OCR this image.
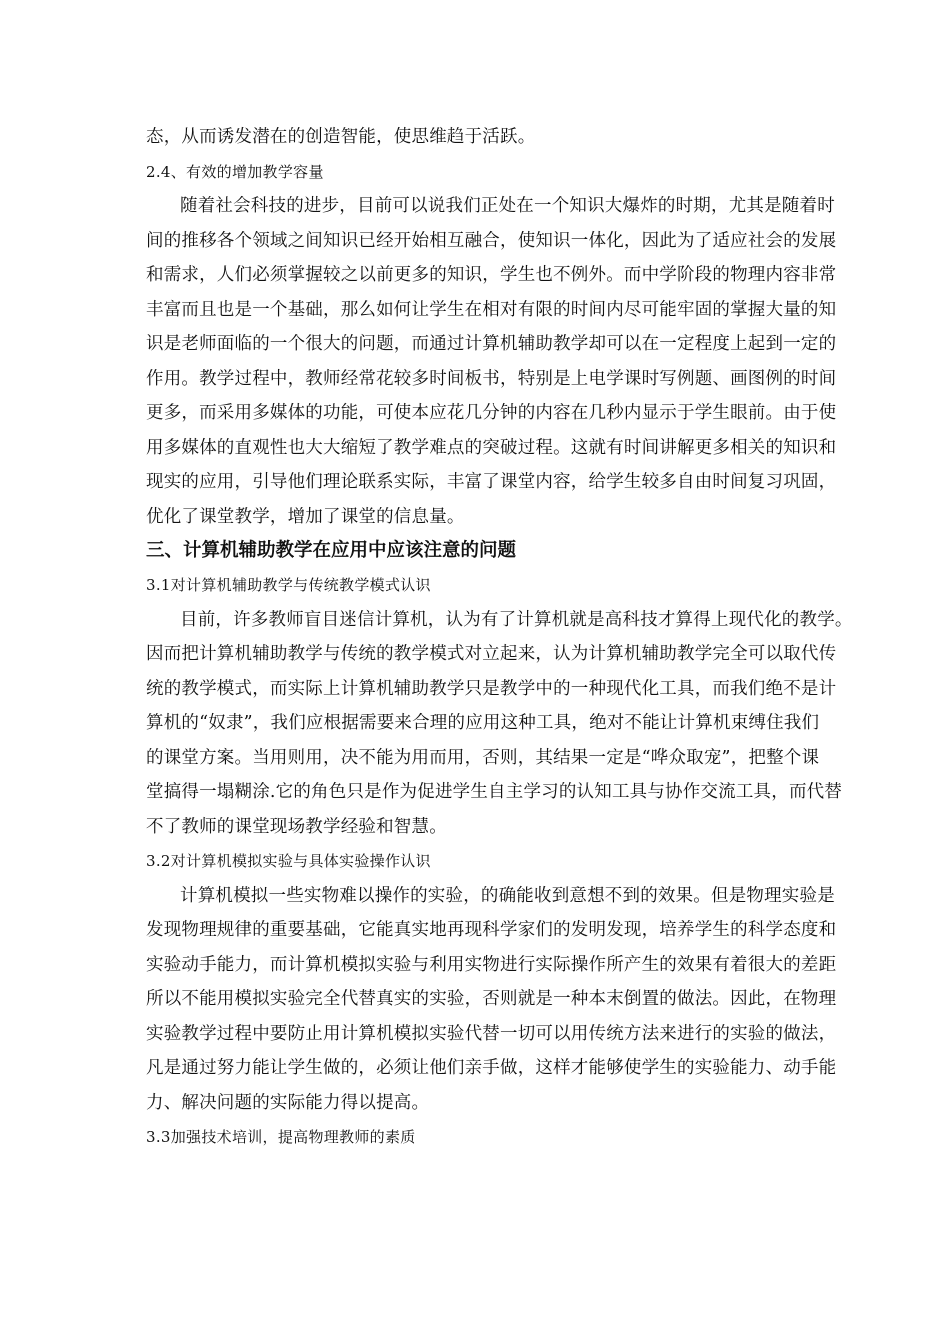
态，从而诱发潜在的创造智能，使思维趋于活跃。
2.4、有效的增加教学容量
随着社会科技的进步，目前可以说我们正处在一个知识大爆炸的时期，尤其是随着时
间的推移各个领域之间知识已经开始相互融合，使知识一体化，因此为了适应社会的发展
和需求，人们必须掌握较之以前更多的知识，学生也不例外。而中学阶段的物理内容非常
丰富而且也是一个基础，那么如何让学生在相对有限的时间内尽可能牢固的掌握大量的知
识是老师面临的一个很大的问题，而通过计算机辅助教学却可以在一定程度上起到一定的
作用。教学过程中，教师经常花较多时间板书，特别是上电学课时写例题、画图例的时间
更多，而采用多媒体的功能，可使本应花几分钟的内容在几秒内显示于学生眼前。由于使
用多媒体的直观性也大大缩短了教学难点的突破过程。这就有时间讲解更多相关的知识和
现实的应用，引导他们理论联系实际，丰富了课堂内容，给学生较多自由时间复习巩固，
优化了课堂教学，增加了课堂的信息量。
三、计算机辅助教学在应用中应该注意的问题
3.1对计算机辅助教学与传统教学模式认识
目前，许多教师盲目迷信计算机，认为有了计算机就是高科技才算得上现代化的教学。
因而把计算机辅助教学与传统的教学模式对立起来，认为计算机辅助教学完全可以取代传
统的教学模式，而实际上计算机辅助教学只是教学中的一种现代化工具，而我们绝不是计
算机的“奴隶”，我们应根据需要来合理的应用这种工具，绝对不能让计算机束缚住我们
的课堂方案。当用则用，决不能为用而用，否则，其结果一定是“哗众取宠”，把整个课
堂搞得一塌糊涂.它的角色只是作为促进学生自主学习的认知工具与协作交流工具，而代替
不了教师的课堂现场教学经验和智慧。
3.2对计算机模拟实验与具体实验操作认识
计算机模拟一些实物难以操作的实验，的确能收到意想不到的效果。但是物理实验是
发现物理规律的重要基础，它能真实地再现科学家们的发明发现，培养学生的科学态度和
实验动手能力，而计算机模拟实验与利用实物进行实际操作所产生的效果有着很大的差距
所以不能用模拟实验完全代替真实的实验，否则就是一种本末倒置的做法。因此，在物理
实验教学过程中要防止用计算机模拟实验代替一切可以用传统方法来进行的实验的做法，
凡是通过努力能让学生做的，必须让他们亲手做，这样才能够使学生的实验能力、动手能
力、解决问题的实际能力得以提高。
3.3加强技术培训，提高物理教师的素质
